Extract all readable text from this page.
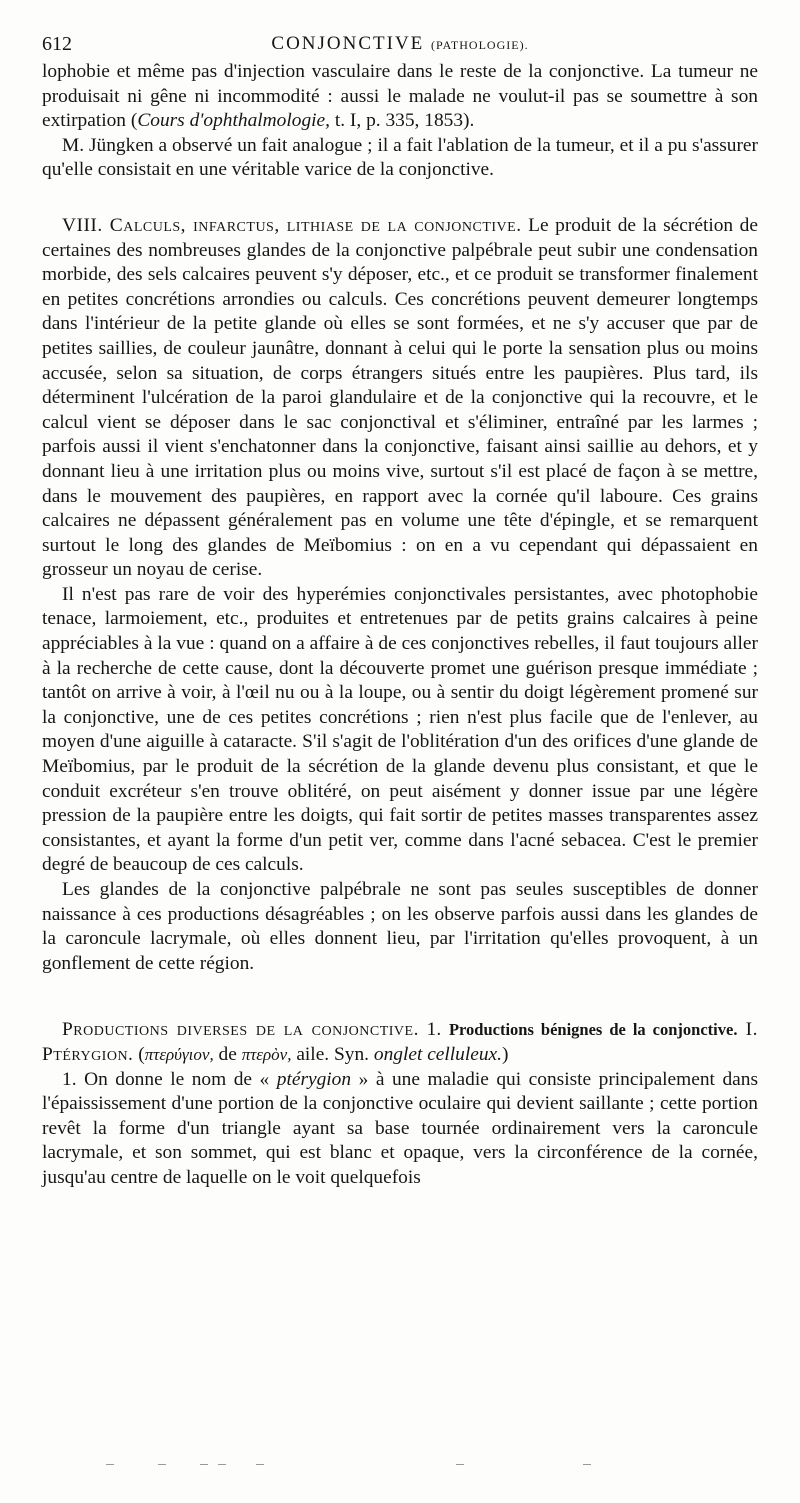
612	CONJONCTIVE (PATHOLOGIE).

lophobie et même pas d'injection vasculaire dans le reste de la conjonctive. La tumeur ne produisait ni gêne ni incommodité : aussi le malade ne voulut-il pas se soumettre à son extirpation (Cours d'ophthalmologie, t. I, p. 335, 1853).

M. Jüngken a observé un fait analogue ; il a fait l'ablation de la tumeur, et il a pu s'assurer qu'elle consistait en une véritable varice de la conjonctive.

VIII. Calculs, infarctus, lithiase de la conjonctive. Le produit de la sécrétion de certaines des nombreuses glandes de la conjonctive palpébrale peut subir une condensation morbide, des sels calcaires peuvent s'y déposer, etc., et ce produit se transformer finalement en petites concrétions arrondies ou calculs. Ces concrétions peuvent demeurer longtemps dans l'intérieur de la petite glande où elles se sont formées, et ne s'y accuser que par de petites saillies, de couleur jaunâtre, donnant à celui qui le porte la sensation plus ou moins accusée, selon sa situation, de corps étrangers situés entre les paupières. Plus tard, ils déterminent l'ulcération de la paroi glandulaire et de la conjonctive qui la recouvre, et le calcul vient se déposer dans le sac conjonctival et s'éliminer, entraîné par les larmes ; parfois aussi il vient s'enchatonner dans la conjonctive, faisant ainsi saillie au dehors, et y donnant lieu à une irritation plus ou moins vive, surtout s'il est placé de façon à se mettre, dans le mouvement des paupières, en rapport avec la cornée qu'il laboure. Ces grains calcaires ne dépassent généralement pas en volume une tête d'épingle, et se remarquent surtout le long des glandes de Meïbomius : on en a vu cependant qui dépassaient en grosseur un noyau de cerise.

Il n'est pas rare de voir des hyperémies conjonctivales persistantes, avec photophobie tenace, larmoiement, etc., produites et entretenues par de petits grains calcaires à peine appréciables à la vue : quand on a affaire à de ces conjonctives rebelles, il faut toujours aller à la recherche de cette cause, dont la découverte promet une guérison presque immédiate ; tantôt on arrive à voir, à l'œil nu ou à la loupe, ou à sentir du doigt légèrement promené sur la conjonctive, une de ces petites concrétions ; rien n'est plus facile que de l'enlever, au moyen d'une aiguille à cataracte. S'il s'agit de l'oblitération d'un des orifices d'une glande de Meïbomius, par le produit de la sécrétion de la glande devenu plus consistant, et que le conduit excréteur s'en trouve oblitéré, on peut aisément y donner issue par une légère pression de la paupière entre les doigts, qui fait sortir de petites masses transparentes assez consistantes, et ayant la forme d'un petit ver, comme dans l'acné sebacea. C'est le premier degré de beaucoup de ces calculs.

Les glandes de la conjonctive palpébrale ne sont pas seules susceptibles de donner naissance à ces productions désagréables ; on les observe parfois aussi dans les glandes de la caroncule lacrymale, où elles donnent lieu, par l'irritation qu'elles provoquent, à un gonflement de cette région.

Productions diverses de la conjonctive. 1. Productions bénignes de la conjonctive. I. Ptérygion. (πτερύγιον, de πτερὸν, aile. Syn. onglet celluleux.)

1. On donne le nom de « ptérygion » à une maladie qui consiste principalement dans l'épaississement d'une portion de la conjonctive oculaire qui devient saillante ; cette portion revêt la forme d'un triangle ayant sa base tournée ordinairement vers la caroncule lacrymale, et son sommet, qui est blanc et opaque, vers la circonférence de la cornée, jusqu'au centre de laquelle on le voit quelquefois
